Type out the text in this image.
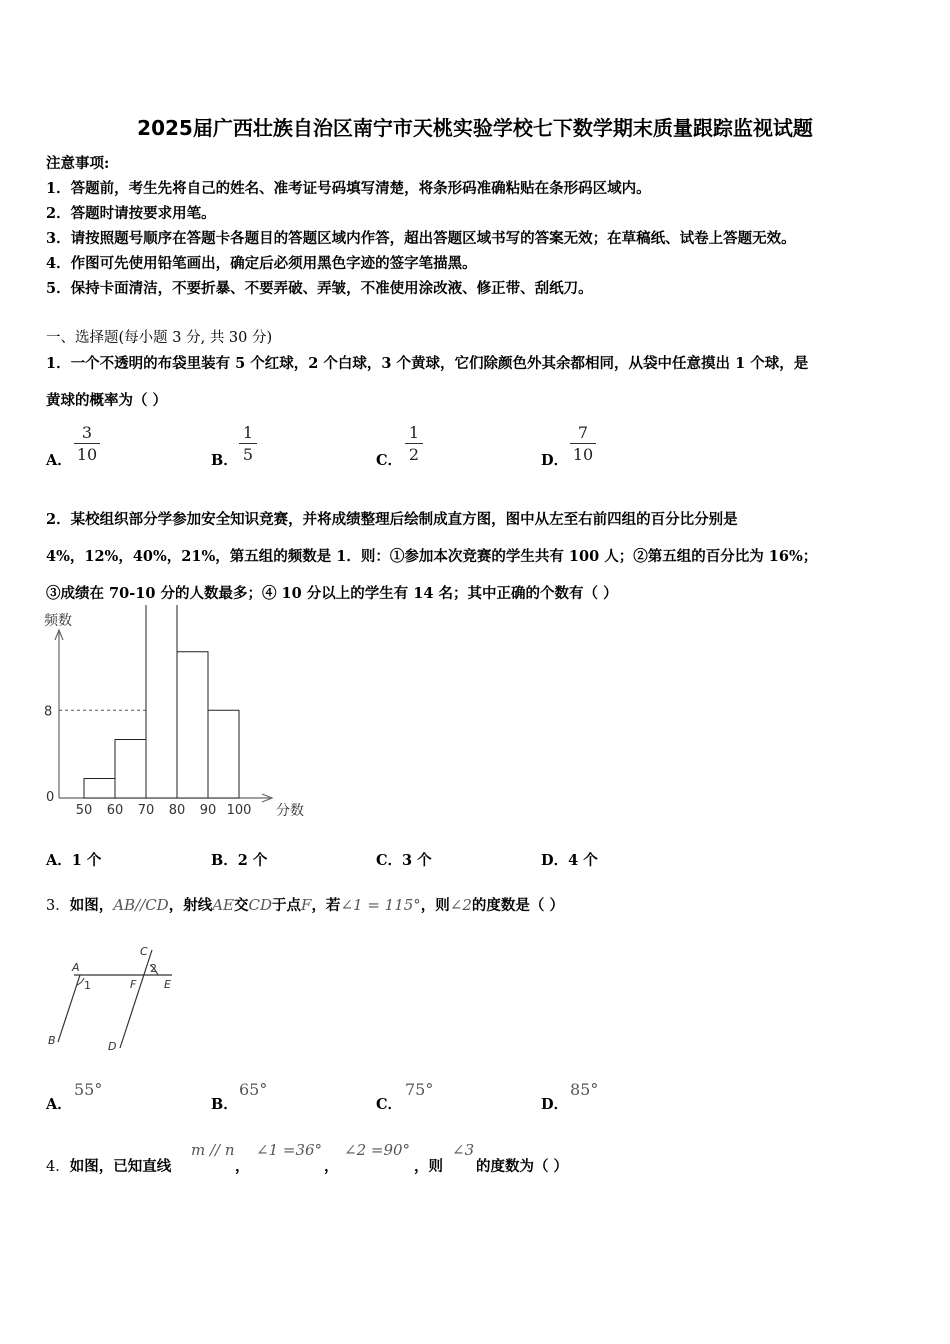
2025届广西壮族自治区南宁市天桃实验学校七下数学期末质量跟踪监视试题
注意事项:
1．答题前，考生先将自己的姓名、准考证号码填写清楚，将条形码准确粘贴在条形码区域内。
2．答题时请按要求用笔。
3．请按照题号顺序在答题卡各题目的答题区域内作答，超出答题区域书写的答案无效；在草稿纸、试卷上答题无效。
4．作图可先使用铅笔画出，确定后必须用黑色字迹的签字笔描黑。
5．保持卡面清洁，不要折暴、不要弄破、弄皱，不准使用涂改液、修正带、刮纸刀。
一、选择题(每小题 3 分, 共 30 分)
1．一个不透明的布袋里装有 5 个红球，2 个白球，3 个黄球，它们除颜色外其余都相同，从袋中任意摸出 1 个球，是
黄球的概率为（ ）
A． $\frac{3}{10}$	B． $\frac{1}{5}$	C． $\frac{1}{2}$	D． $\frac{7}{10}$
2．某校组织部分学参加安全知识竞赛，并将成绩整理后绘制成直方图，图中从左至右前四组的百分比分别是
4%，12%，40%，21%，第五组的频数是 1．则：①参加本次竞赛的学生共有 100 人；②第五组的百分比为 16%；
③成绩在 70-10 分的人数最多；④ 10 分以上的学生有 14 名；其中正确的个数有（ ）
0
8
50 60 70 80 90 100
频数
分数
A．1 个	B．2 个	C．3 个	D．4 个
3．如图，AB//CD，射线AE交CD于点F，若∠1 = 115°，则∠2的度数是（ ）
A
B
C
D
E
F
1
2
A．
55°
B．
65°
C．
75°
D．
85°
4．如图，已知直线
m // n
，
∠1 =36°
，
∠2 =90°
，则
∠3
的度数为（ ）
